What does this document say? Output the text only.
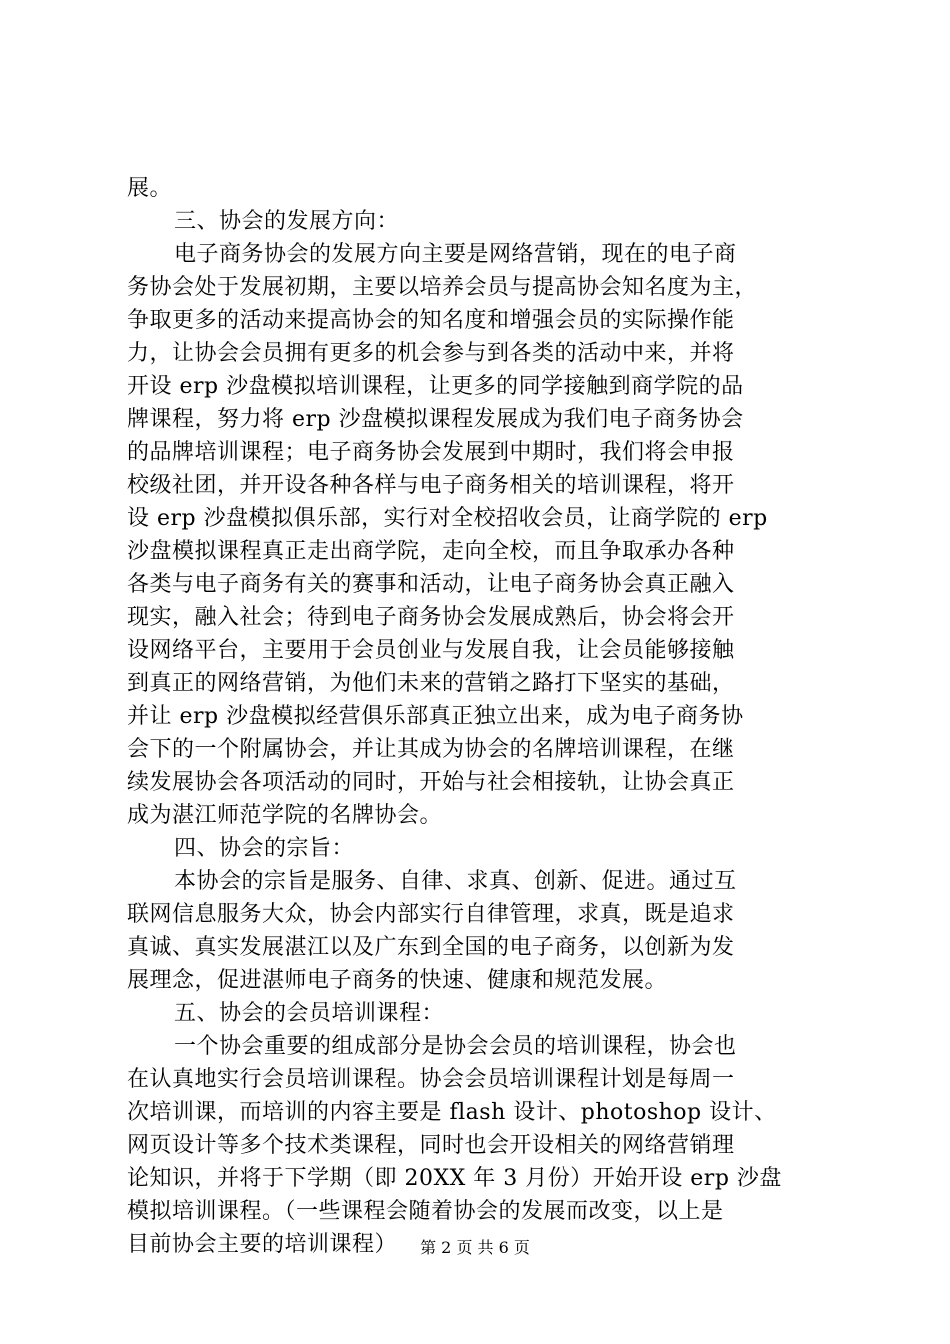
展。
三、协会的发展方向：
电子商务协会的发展方向主要是网络营销，现在的电子商
务协会处于发展初期，主要以培养会员与提高协会知名度为主，
争取更多的活动来提高协会的知名度和增强会员的实际操作能
力，让协会会员拥有更多的机会参与到各类的活动中来，并将
开设 erp 沙盘模拟培训课程，让更多的同学接触到商学院的品
牌课程，努力将 erp 沙盘模拟课程发展成为我们电子商务协会
的品牌培训课程；电子商务协会发展到中期时，我们将会申报
校级社团，并开设各种各样与电子商务相关的培训课程，将开
设 erp 沙盘模拟俱乐部，实行对全校招收会员，让商学院的 erp
沙盘模拟课程真正走出商学院，走向全校，而且争取承办各种
各类与电子商务有关的赛事和活动，让电子商务协会真正融入
现实，融入社会；待到电子商务协会发展成熟后，协会将会开
设网络平台，主要用于会员创业与发展自我，让会员能够接触
到真正的网络营销，为他们未来的营销之路打下坚实的基础，
并让 erp 沙盘模拟经营俱乐部真正独立出来，成为电子商务协
会下的一个附属协会，并让其成为协会的名牌培训课程，在继
续发展协会各项活动的同时，开始与社会相接轨，让协会真正
成为湛江师范学院的名牌协会。
四、协会的宗旨：
本协会的宗旨是服务、自律、求真、创新、促进。通过互
联网信息服务大众，协会内部实行自律管理，求真，既是追求
真诚、真实发展湛江以及广东到全国的电子商务，以创新为发
展理念，促进湛师电子商务的快速、健康和规范发展。
五、协会的会员培训课程：
一个协会重要的组成部分是协会会员的培训课程，协会也
在认真地实行会员培训课程。协会会员培训课程计划是每周一
次培训课，而培训的内容主要是 flash 设计、photoshop 设计、
网页设计等多个技术类课程，同时也会开设相关的网络营销理
论知识，并将于下学期（即 20XX 年 3 月份）开始开设 erp 沙盘
模拟培训课程。（一些课程会随着协会的发展而改变，以上是
目前协会主要的培训课程）	第 2 页 共 6 页
